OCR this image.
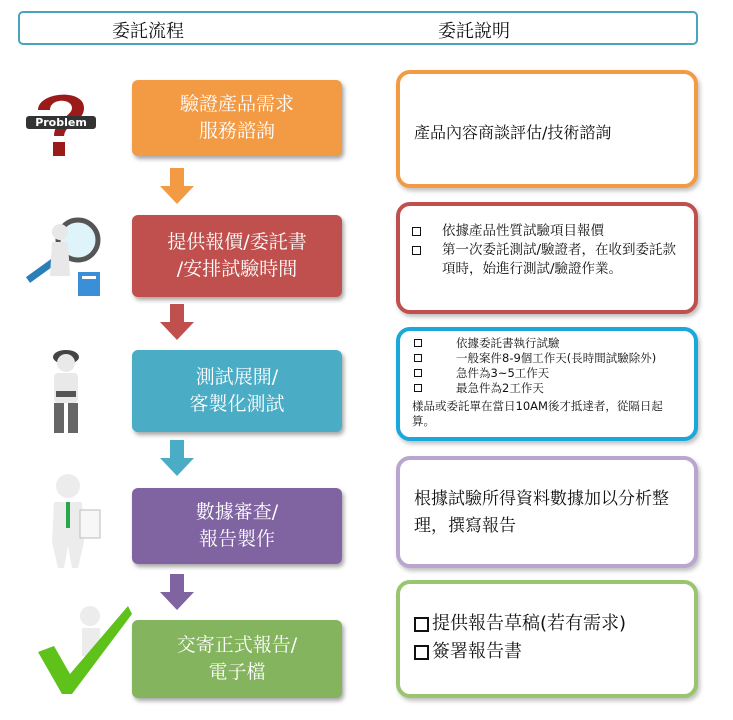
委託流程	委託說明
Problem
驗證產品需求
服務諮詢
提供報價/委託書
/安排試驗時間
測試展開/
客製化測試
數據審查/
報告製作
交寄正式報告/
電子檔
產品內容商談評估/技術諮詢
依據產品性質試驗項目報價
第一次委託測試/驗證者，在收到委託款項時，始進行測試/驗證作業。
依據委託書執行試驗
一般案件8-9個工作天(長時間試驗除外)
急件為3~5工作天
最急件為2工作天
樣品或委託單在當日10AM後才抵達者，從隔日起算。
根據試驗所得資料數據加以分析整理，撰寫報告
提供報告草稿(若有需求)
簽署報告書
